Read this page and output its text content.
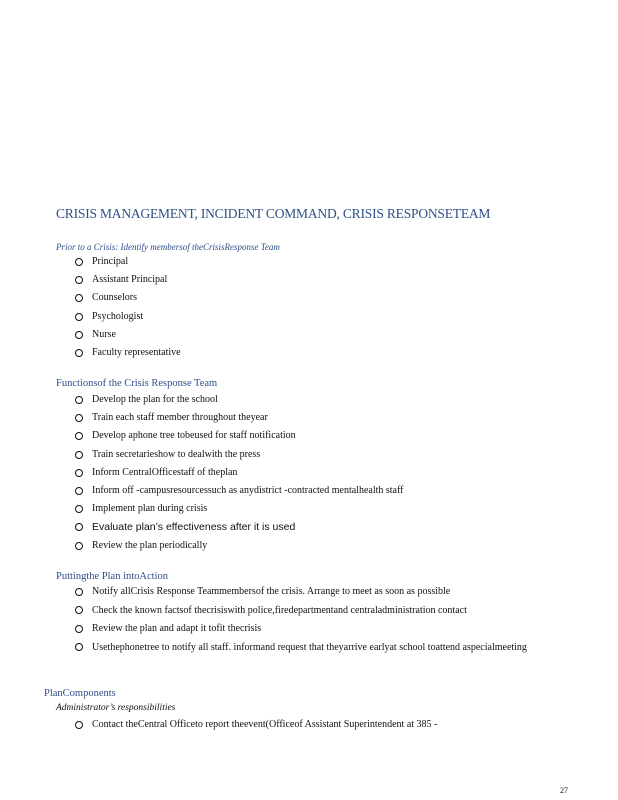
CRISIS MANAGEMENT, INCIDENT COMMAND, CRISIS RESPONSETEAM
Prior to a Crisis: Identify membersof theCrisisResponse Team
Principal
Assistant Principal
Counselors
Psychologist
Nurse
Faculty representative
Functionsof the Crisis Response Team
Develop the plan for the school
Train each staff member throughout theyear
Develop aphone tree tobeused for staff notification
Train secretarieshow to dealwith the press
Inform CentralOfficestaff of theplan
Inform off -campusresourcessuch as anydistrict -contracted mentalhealth staff
Implement plan during crisis
Evaluate plan’s effectiveness after it is used
Review the plan periodically
Puttingthe Plan intoAction
Notify allCrisis Response Teammembersof the crisis. Arrange to meet as soon as possible
Check the known factsof thecrisiswith police,firedepartmentand centraladministration contact
Review the plan and adapt it tofit thecrisis
Usethephonetree to notify all staff. informand request that theyarrive earlyat school toattend aspecialmeeting
PlanComponents
Administrator’s responsibilities
Contact theCentral Officeto report theevent(Officeof Assistant Superintendent at 385 -
27
